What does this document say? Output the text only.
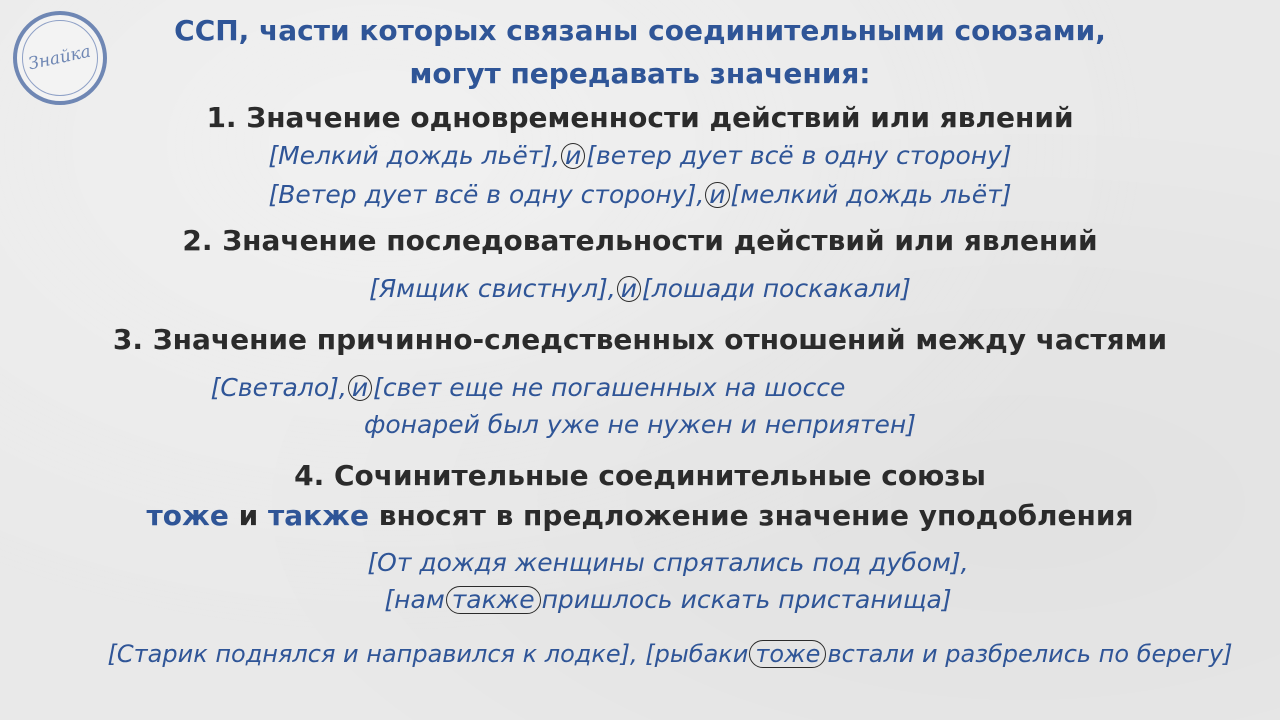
Знайка
ССП, части которых связаны соединительными союзами,
могут передавать значения:
1. Значение одновременности действий или явлений
[Мелкий дождь льёт], и [ветер дует всё в одну сторону]
[Ветер дует всё в одну сторону], и [мелкий дождь льёт]
2. Значение последовательности действий или явлений
[Ямщик свистнул], и [лошади поскакали]
3. Значение причинно-следственных отношений между частями
[Светало], и [свет еще не погашенных на шоссе
фонарей был уже не нужен и неприятен]
4. Сочинительные соединительные союзы
тоже и также вносят в предложение значение уподобления
[От дождя женщины спрятались под дубом],
[нам также пришлось искать пристанища]
[Старик поднялся и направился к лодке], [рыбаки тоже встали и разбрелись по берегу]
